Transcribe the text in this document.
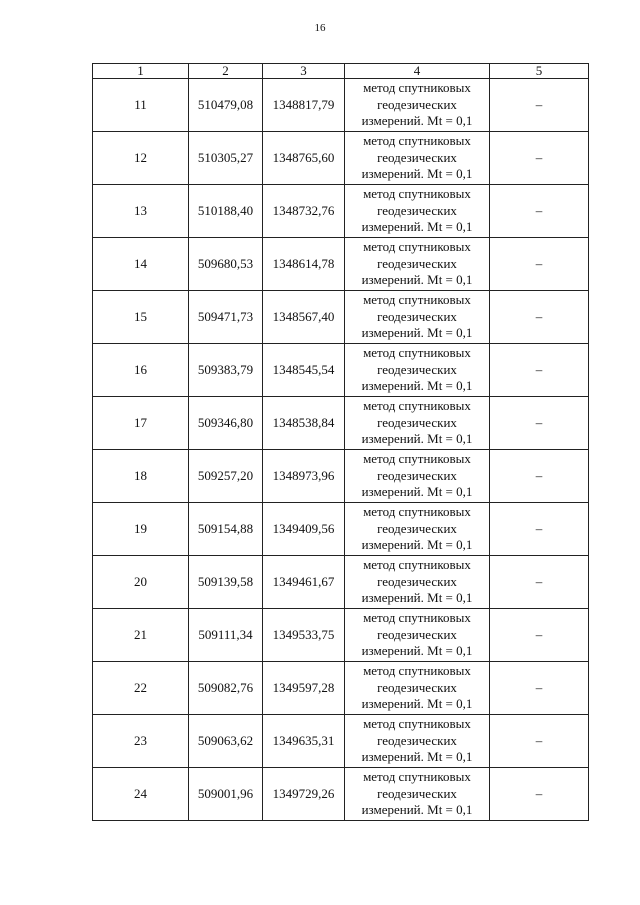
16
1	2	3	4	5
11	510479,08	1348817,79	метод спутниковых
геодезических
измерений. Mt = 0,1	–
12	510305,27	1348765,60	метод спутниковых
геодезических
измерений. Mt = 0,1	–
13	510188,40	1348732,76	метод спутниковых
геодезических
измерений. Mt = 0,1	–
14	509680,53	1348614,78	метод спутниковых
геодезических
измерений. Mt = 0,1	–
15	509471,73	1348567,40	метод спутниковых
геодезических
измерений. Mt = 0,1	–
16	509383,79	1348545,54	метод спутниковых
геодезических
измерений. Mt = 0,1	–
17	509346,80	1348538,84	метод спутниковых
геодезических
измерений. Mt = 0,1	–
18	509257,20	1348973,96	метод спутниковых
геодезических
измерений. Mt = 0,1	–
19	509154,88	1349409,56	метод спутниковых
геодезических
измерений. Mt = 0,1	–
20	509139,58	1349461,67	метод спутниковых
геодезических
измерений. Mt = 0,1	–
21	509111,34	1349533,75	метод спутниковых
геодезических
измерений. Mt = 0,1	–
22	509082,76	1349597,28	метод спутниковых
геодезических
измерений. Mt = 0,1	–
23	509063,62	1349635,31	метод спутниковых
геодезических
измерений. Mt = 0,1	–
24	509001,96	1349729,26	метод спутниковых
геодезических
измерений. Mt = 0,1	–
